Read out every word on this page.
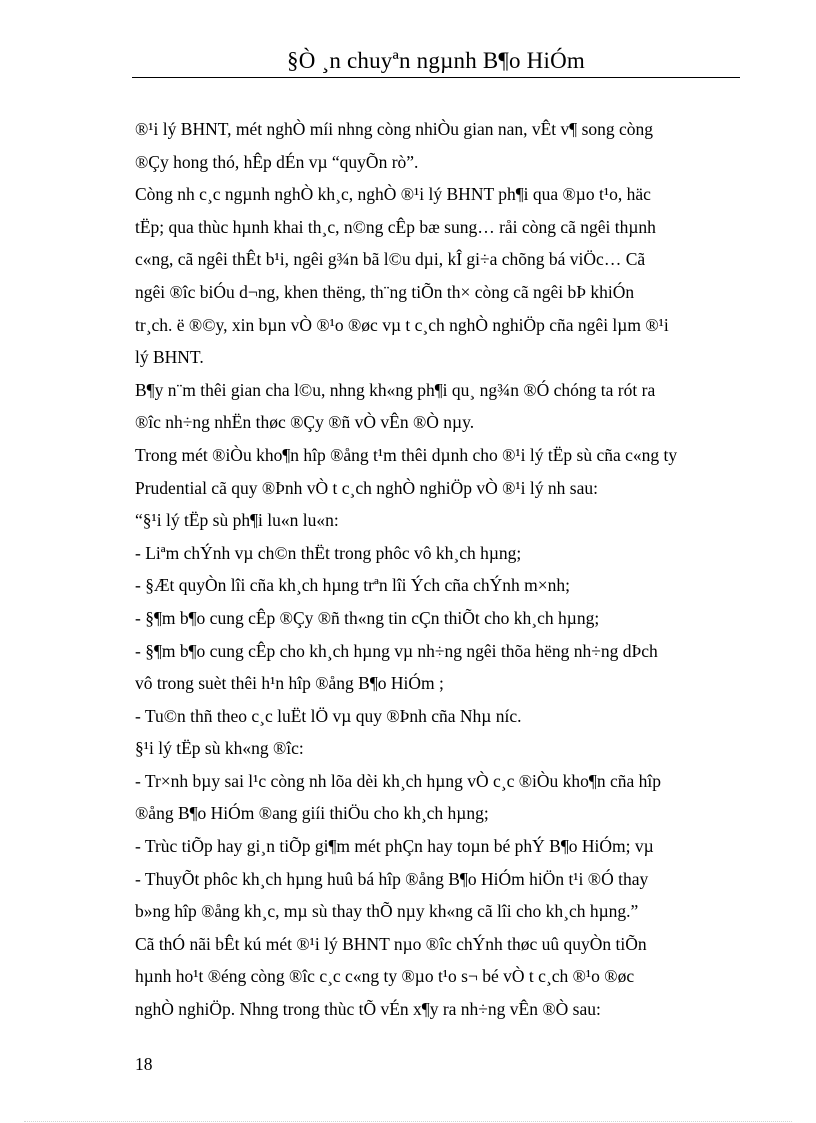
§Ò ¸n chuyªn ngµnh B¶o HiÓm

®¹i lý BHNT, mét nghÒ míi nhng còng nhiÒu gian nan, vÊt v¶ song còng

®Çy hong thó, hÊp dÉn vµ “quyÕn rò”.

Còng nh c¸c ngµnh nghÒ kh¸c, nghÒ ®¹i lý BHNT ph¶i qua ®µo t¹o, häc

tËp; qua thùc hµnh khai th¸c, n©ng cÊp bæ sung… råi còng cã ngêi thµnh

c«ng, cã ngêi thÊt b¹i, ngêi g¾n bã l©u dµi, kÎ gi÷a chõng bá viÖc… Cã

ngêi ®îc biÓu d¬ng, khen thëng, th¨ng tiÕn th× còng cã ngêi bÞ khiÓn

tr¸ch. ë ®©y, xin bµn vÒ ®¹o ®øc vµ t c¸ch nghÒ nghiÖp cña ngêi lµm ®¹i

lý BHNT.

B¶y n¨m thêi gian cha l©u, nhng kh«ng ph¶i qu¸ ng¾n ®Ó chóng ta rót ra

®îc nh÷ng nhËn thøc ®Çy ®ñ vÒ vÊn ®Ò nµy.

Trong mét ®iÒu kho¶n hîp ®ång t¹m thêi dµnh cho ®¹i lý tËp sù cña c«ng ty

Prudential cã quy ®Þnh vÒ t c¸ch nghÒ nghiÖp vÒ ®¹i lý nh sau:

“§¹i lý tËp sù ph¶i lu«n lu«n:

- Liªm chÝnh vµ ch©n thËt trong phôc vô kh¸ch hµng;

- §Æt quyÒn lîi cña kh¸ch hµng trªn lîi Ých cña chÝnh m×nh;

- §¶m b¶o cung cÊp ®Çy ®ñ th«ng tin cÇn thiÕt cho kh¸ch hµng;

- §¶m b¶o cung cÊp cho kh¸ch hµng vµ nh÷ng ngêi thõa hëng nh÷ng dÞch

vô trong suèt thêi h¹n hîp ®ång B¶o HiÓm ;

- Tu©n thñ theo c¸c luËt lÖ vµ quy ®Þnh cña Nhµ níc.

§¹i lý tËp sù kh«ng ®îc:

- Tr×nh bµy sai l¹c còng nh lõa dèi kh¸ch hµng vÒ c¸c ®iÒu kho¶n cña hîp

®ång B¶o HiÓm ®ang giíi thiÖu cho kh¸ch hµng;

- Trùc tiÕp hay gi¸n tiÕp gi¶m mét phÇn hay toµn bé phÝ B¶o HiÓm; vµ

- ThuyÕt phôc kh¸ch hµng huû bá hîp ®ång B¶o HiÓm hiÖn t¹i ®Ó thay

b»ng hîp ®ång kh¸c, mµ sù thay thÕ nµy kh«ng cã lîi cho kh¸ch hµng.”

Cã thÓ nãi bÊt kú mét ®¹i lý BHNT nµo ®îc chÝnh thøc uû quyÒn tiÕn

hµnh ho¹t ®éng còng ®îc c¸c c«ng ty ®µo t¹o s¬ bé vÒ t c¸ch ®¹o ®øc

nghÒ nghiÖp. Nhng trong thùc tÕ vÉn x¶y ra nh÷ng vÊn ®Ò sau:

18
